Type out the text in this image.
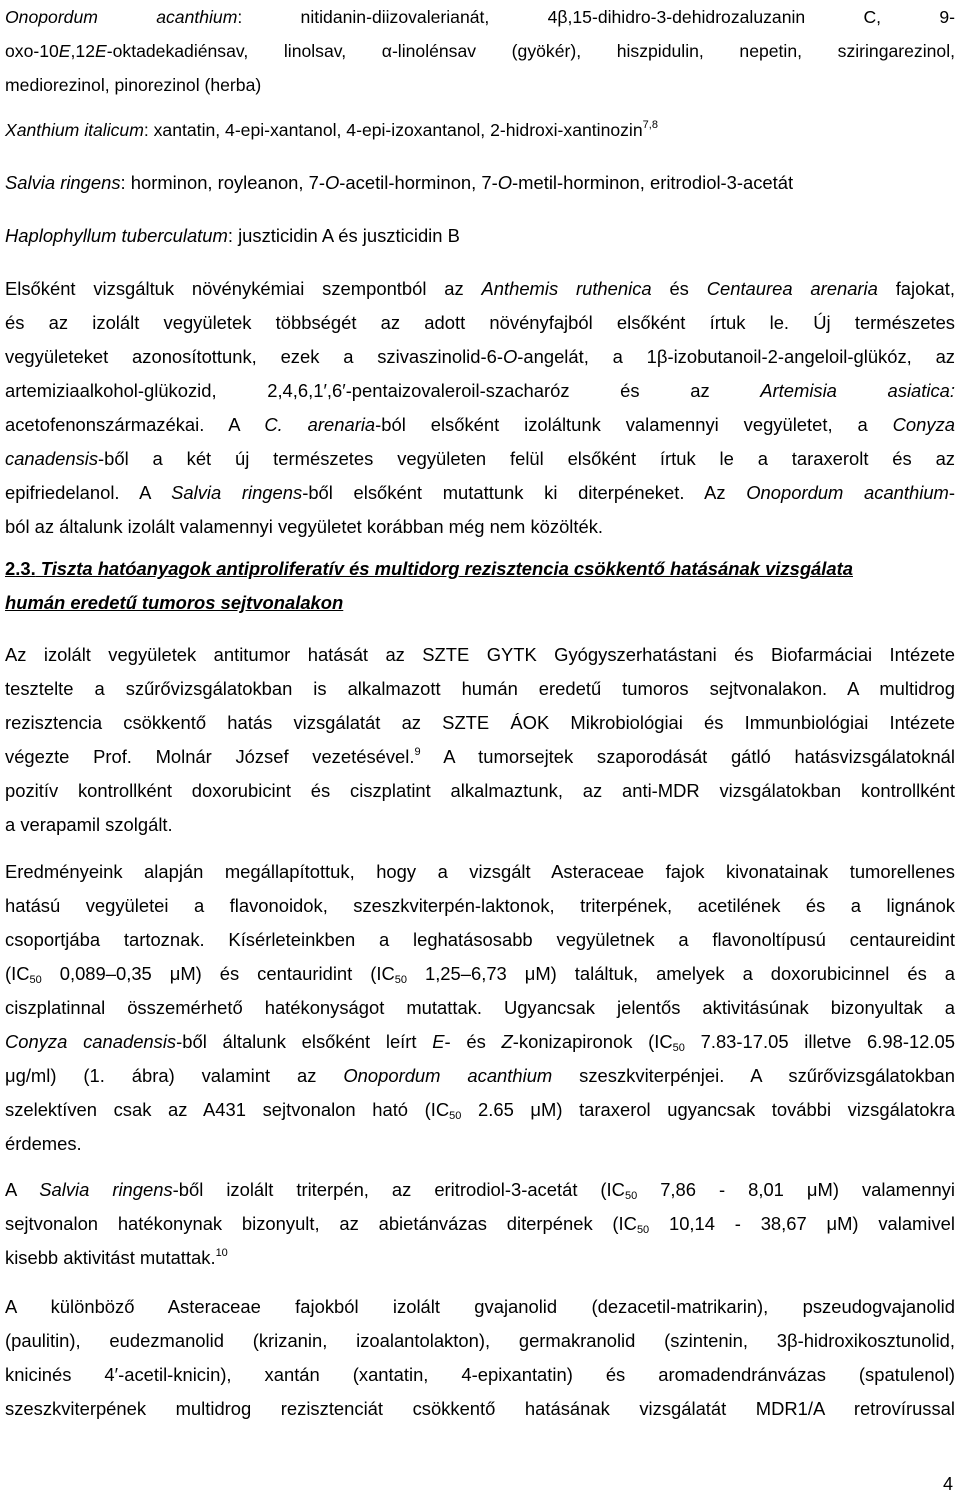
Onopordum acanthium: nitidanin-diizovalerianát, 4β,15-dihidro-3-dehidrozaluzanin C, 9-
oxo-10E,12E-oktadekadiénsav, linolsav, α-linolénsav (gyökér), hiszpidulin, nepetin, sziringarezinol,
mediorezinol, pinorezinol (herba)
Xanthium italicum: xantatin, 4-epi-xantanol, 4-epi-izoxantanol, 2-hidroxi-xantinozin$^{7,8}$
Salvia ringens: horminon, royleanon, 7-O-acetil-horminon, 7-O-metil-horminon, eritrodiol-3-acetát
Haplophyllum tuberculatum: juszticidin A és juszticidin B
Elsőként vizsgáltuk növénykémiai szempontból az Anthemis ruthenica és Centaurea arenaria fajokat,
és az izolált vegyületek többségét az adott növényfajból elsőként írtuk le. Új természetes
vegyületeket azonosítottunk, ezek a szivaszinolid-6-O-angelát, a 1β-izobutanoil-2-angeloil-glükóz, az
artemiziaalkohol-glükozid, 2,4,6,1′,6′-pentaizovaleroil-szacharóz és az Artemisia asiatica:
acetofenonszármazékai. A C. arenaria-ból elsőként izoláltunk valamennyi vegyületet, a Conyza
canadensis-ből a két új természetes vegyületen felül elsőként írtuk le a taraxerolt és az
epifriedelanol. A Salvia ringens-ből elsőként mutattunk ki diterpéneket. Az Onopordum acanthium-
ból az általunk izolált valamennyi vegyületet korábban még nem közölték.
2.3. Tiszta hatóanyagok antiproliferatív és multidorg rezisztencia csökkentő hatásának vizsgálata
humán eredetű tumoros sejtvonalakon
Az izolált vegyületek antitumor hatását az SZTE GYTK Gyógyszerhatástani és Biofarmáciai Intézete
tesztelte a szűrővizsgálatokban is alkalmazott humán eredetű tumoros sejtvonalakon. A multidrog
rezisztencia csökkentő hatás vizsgálatát az SZTE ÁOK Mikrobiológiai és Immunbiológiai Intézete
végezte Prof. Molnár József vezetésével.$^9$ A tumorsejtek szaporodását gátló hatásvizsgálatoknál
pozitív kontrollként doxorubicint és ciszplatint alkalmaztunk, az anti-MDR vizsgálatokban kontrollként
a verapamil szolgált.
Eredményeink alapján megállapítottuk, hogy a vizsgált Asteraceae fajok kivonatainak tumorellenes
hatású vegyületei a flavonoidok, szeszkviterpén-laktonok, triterpének, acetilének és a lignánok
csoportjába tartoznak. Kísérleteinkben a leghatásosabb vegyületnek a flavonoltípusú centaureidint
($IC_{50}$ 0,089–0,35 μM) és centauridint ($IC_{50}$ 1,25–6,73 μM) találtuk, amelyek a doxorubicinnel és a
ciszplatinnal összemérhető hatékonyságot mutattak. Ugyancsak jelentős aktivitásúnak bizonyultak a
Conyza canadensis-ből általunk elsőként leírt E- és Z-konizapironok ($IC_{50}$ 7.83-17.05 illetve 6.98-12.05
μg/ml) (1. ábra) valamint az Onopordum acanthium szeszkviterpénjei. A szűrővizsgálatokban
szelektíven csak az A431 sejtvonalon ható ($IC_{50}$ 2.65 μM) taraxerol ugyancsak további vizsgálatokra
érdemes.
A Salvia ringens-ből izolált triterpén, az eritrodiol-3-acetát ($IC_{50}$ 7,86 - 8,01 μM) valamennyi
sejtvonalon hatékonynak bizonyult, az abietánvázas diterpének ($IC_{50}$ 10,14 - 38,67 μM) valamivel
kisebb aktivitást mutattak.$^{10}$
A különböző Asteraceae fajokból izolált gvajanolid (dezacetil-matrikarin), pszeudogvajanolid
(paulitin), eudezmanolid (krizanin, izoalantolakton), germakranolid (szintenin, 3β-hidroxikosztunolid,
knicinés 4′-acetil-knicin), xantán (xantatin, 4-epixantatin) és aromadendránvázas (spatulenol)
szeszkviterpének multidrog rezisztenciát csökkentő hatásának vizsgálatát MDR1/A retrovírussal
4
